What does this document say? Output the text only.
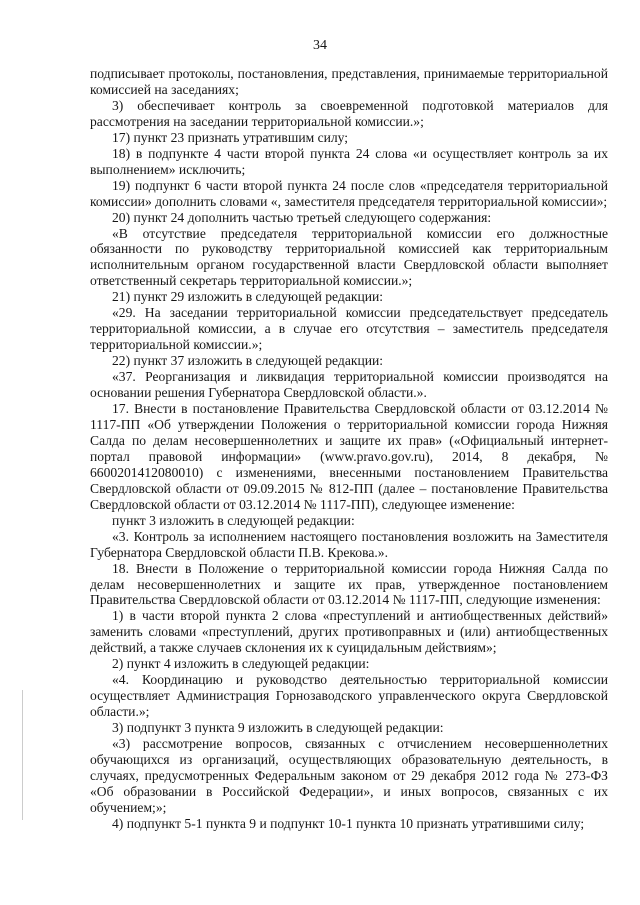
34

подписывает протоколы, постановления, представления, принимаемые территориальной комиссией на заседаниях;

3) обеспечивает контроль за своевременной подготовкой материалов для рассмотрения на заседании территориальной комиссии.»;

17) пункт 23 признать утратившим силу;

18) в подпункте 4 части второй пункта 24 слова «и осуществляет контроль за их выполнением» исключить;

19) подпункт 6 части второй пункта 24 после слов «председателя территориальной комиссии» дополнить словами «, заместителя председателя территориальной комиссии»;

20) пункт 24 дополнить частью третьей следующего содержания:

«В отсутствие председателя территориальной комиссии его должностные обязанности по руководству территориальной комиссией как территориальным исполнительным органом государственной власти Свердловской области выполняет ответственный секретарь территориальной комиссии.»;

21) пункт 29 изложить в следующей редакции:

«29. На заседании территориальной комиссии председательствует председатель территориальной комиссии, а в случае его отсутствия – заместитель председателя территориальной комиссии.»;

22) пункт 37 изложить в следующей редакции:

«37. Реорганизация и ликвидация территориальной комиссии производятся на основании решения Губернатора Свердловской области.».

17. Внести в постановление Правительства Свердловской области от 03.12.2014 № 1117-ПП «Об утверждении Положения о территориальной комиссии города Нижняя Салда по делам несовершеннолетних и защите их прав» («Официальный интернет-портал правовой информации» (www.pravo.gov.ru), 2014, 8 декабря, № 6600201412080010) с изменениями, внесенными постановлением Правительства Свердловской области от 09.09.2015 № 812-ПП (далее – постановление Правительства Свердловской области от 03.12.2014 № 1117-ПП), следующее изменение:

пункт 3 изложить в следующей редакции:

«3. Контроль за исполнением настоящего постановления возложить на Заместителя Губернатора Свердловской области П.В. Крекова.».

18. Внести в Положение о территориальной комиссии города Нижняя Салда по делам несовершеннолетних и защите их прав, утвержденное постановлением Правительства Свердловской области от 03.12.2014 № 1117-ПП, следующие изменения:

1) в части второй пункта 2 слова «преступлений и антиобщественных действий» заменить словами «преступлений, других противоправных и (или) антиобщественных действий, а также случаев склонения их к суицидальным действиям»;

2) пункт 4 изложить в следующей редакции:

«4. Координацию и руководство деятельностью территориальной комиссии осуществляет Администрация Горнозаводского управленческого округа Свердловской области.»;

3) подпункт 3 пункта 9 изложить в следующей редакции:

«3) рассмотрение вопросов, связанных с отчислением несовершеннолетних обучающихся из организаций, осуществляющих образовательную деятельность, в случаях, предусмотренных Федеральным законом от 29 декабря 2012 года № 273-ФЗ «Об образовании в Российской Федерации», и иных вопросов, связанных с их обучением;»;

4) подпункт 5-1 пункта 9 и подпункт 10-1 пункта 10 признать утратившими силу;
